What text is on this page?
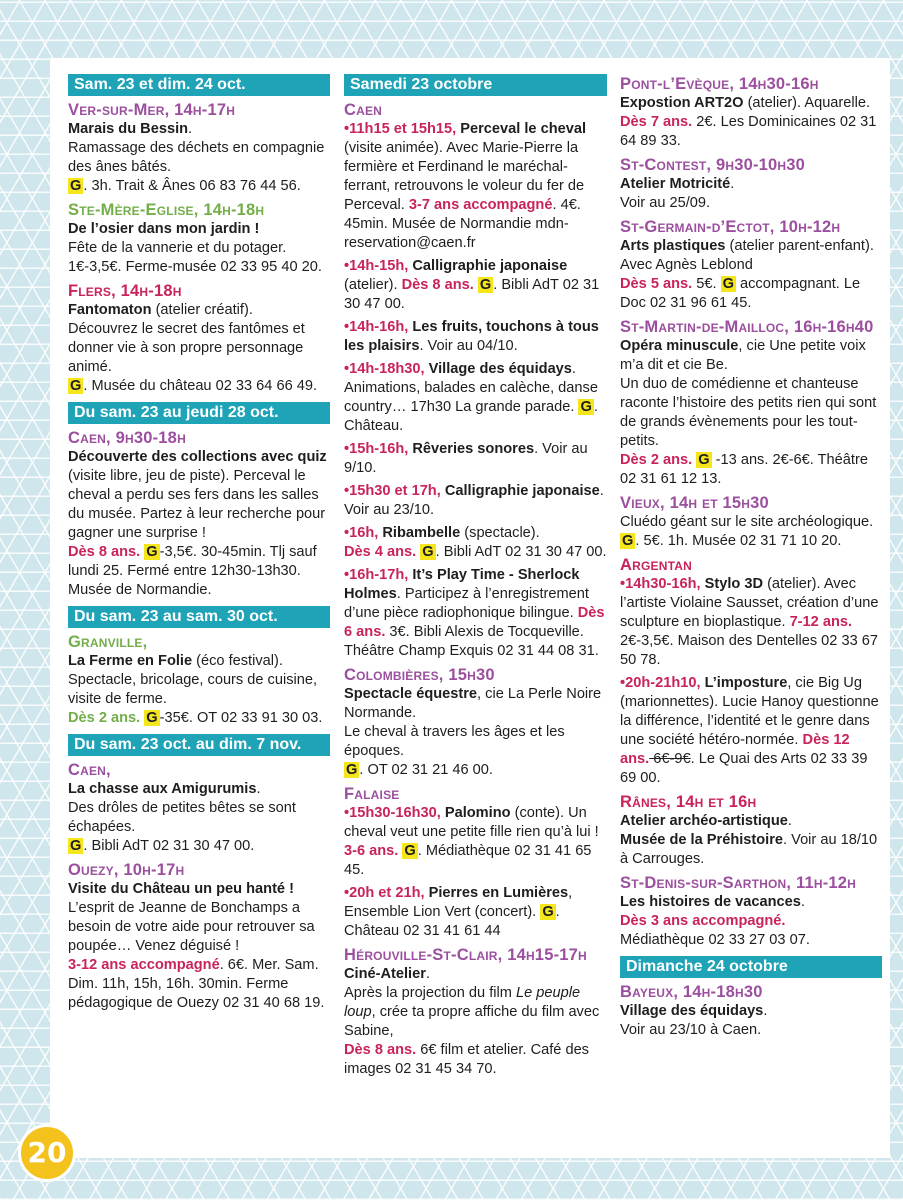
Sam. 23 et dim. 24 oct.
Ver-sur-Mer, 14h-17h
Marais du Bessin.
Ramassage des déchets en compagnie des ânes bâtés.
G . 3h. Trait & Ânes 06 83 76 44 56.
Ste-Mère-Eglise, 14h-18h
De l’osier dans mon jardin !
Fête de la vannerie et du potager. 1€-3,5€. Ferme-musée 02 33 95 40 20.
Flers, 14h-18h
Fantomaton (atelier créatif).
Découvrez le secret des fantômes et donner vie à son propre personnage animé.
G . Musée du château 02 33 64 66 49.
Du sam. 23 au jeudi 28 oct.
Caen, 9h30-18h
Découverte des collections avec quiz (visite libre, jeu de piste). Perceval le cheval a perdu ses fers dans les salles du musée. Partez à leur recherche pour gagner une surprise !
Dès 8 ans. G -3,5€. 30-45min. Tlj sauf lundi 25. Fermé entre 12h30-13h30. Musée de Normandie.
Du sam. 23 au sam. 30 oct.
Granville,
La Ferme en Folie (éco festival).
Spectacle, bricolage, cours de cuisine, visite de ferme.
Dès 2 ans. G -35€. OT 02 33 91 30 03.
Du sam. 23 oct. au dim. 7 nov.
Caen,
La chasse aux Amigurumis.
Des drôles de petites bêtes se sont échapées.
G . Bibli AdT 02 31 30 47 00.
Ouezy, 10h-17h
Visite du Château un peu hanté !
L’esprit de Jeanne de Bonchamps a besoin de votre aide pour retrouver sa poupée… Venez déguisé !
3-12 ans accompagné. 6€. Mer. Sam. Dim. 11h, 15h, 16h. 30min. Ferme pédagogique de Ouezy 02 31 40 68 19.
Samedi 23 octobre
Caen
•11h15 et 15h15, Perceval le cheval (visite animée). Avec Marie-Pierre la fermière et Ferdinand le maréchal-ferrant, retrouvons le voleur du fer de Perceval. 3-7 ans accompagné. 4€. 45min. Musée de Normandie mdn-reservation@caen.fr
•14h-15h, Calligraphie japonaise (atelier). Dès 8 ans. G . Bibli AdT 02 31 30 47 00.
•14h-16h, Les fruits, touchons à tous les plaisirs. Voir au 04/10.
•14h-18h30, Village des équidays. Animations, balades en calèche, danse country… 17h30 La grande parade. G . Château.
•15h-16h, Rêveries sonores. Voir au 9/10.
•15h30 et 17h, Calligraphie japonaise. Voir au 23/10.
•16h, Ribambelle (spectacle).
Dès 4 ans. G . Bibli AdT 02 31 30 47 00.
•16h-17h, It’s Play Time - Sherlock Holmes. Participez à l’enregistrement d’une pièce radiophonique bilingue. Dès 6 ans. 3€. Bibli Alexis de Tocqueville. Théâtre Champ Exquis 02 31 44 08 31.
Colombières, 15h30
Spectacle équestre, cie La Perle Noire Normande.
Le cheval à travers les âges et les époques.
G . OT 02 31 21 46 00.
Falaise
•15h30-16h30, Palomino (conte). Un cheval veut une petite fille rien qu’à lui ! 3-6 ans. G . Médiathèque 02 31 41 65 45.
•20h et 21h, Pierres en Lumières, Ensemble Lion Vert (concert). G . Château 02 31 41 61 44
Hérouville-St-Clair, 14h15-17h
Ciné-Atelier.
Après la projection du film Le peuple loup, crée ta propre affiche du film avec Sabine,
Dès 8 ans. 6€ film et atelier. Café des images 02 31 45 34 70.
Pont-l’Evèque, 14h30-16h
Expostion ART2O (atelier). Aquarelle.
Dès 7 ans. 2€. Les Dominicaines 02 31 64 89 33.
St-Contest, 9h30-10h30
Atelier Motricité.
Voir au 25/09.
St-Germain-d’Ectot, 10h-12h
Arts plastiques (atelier parent-enfant). Avec Agnès Leblond
Dès 5 ans. 5€. G accompagnant. Le Doc 02 31 96 61 45.
St-Martin-de-Mailloc, 16h-16h40
Opéra minuscule, cie Une petite voix m’a dit et cie Be.
Un duo de comédienne et chanteuse raconte l’histoire des petits rien qui sont de grands évènements pour les tout-petits.
Dès 2 ans. G -13 ans. 2€-6€. Théâtre 02 31 61 12 13.
Vieux, 14h et 15h30
Cluédo géant sur le site archéologique.
G . 5€. 1h. Musée 02 31 71 10 20.
Argentan
•14h30-16h, Stylo 3D (atelier). Avec l’artiste Violaine Sausset, création d’une sculpture en bioplastique. 7-12 ans. 2€-3,5€. Maison des Dentelles 02 33 67 50 78.
•20h-21h10, L’imposture, cie Big Ug (marionnettes). Lucie Hanoy questionne la différence, l’identité et le genre dans une société hétéro-normée. Dès 12 ans. 6€-9€. Le Quai des Arts 02 33 39 69 00.
Rânes, 14h et 16h
Atelier archéo-artistique.
Musée de la Préhistoire. Voir au 18/10 à Carrouges.
St-Denis-sur-Sarthon, 11h-12h
Les histoires de vacances.
Dès 3 ans accompagné.
Médiathèque 02 33 27 03 07.
Dimanche 24 octobre
Bayeux, 14h-18h30
Village des équidays.
Voir au 23/10 à Caen.
20
